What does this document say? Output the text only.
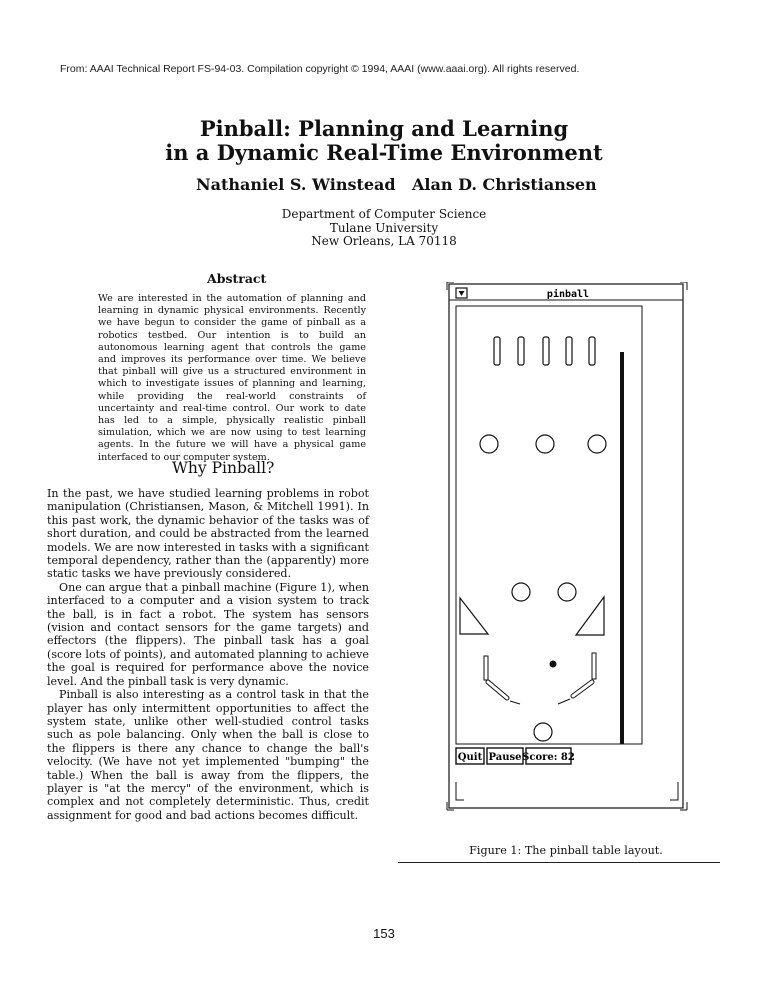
From: AAAI Technical Report FS-94-03. Compilation copyright © 1994, AAAI (www.aaai.org). All rights reserved.
Pinball: Planning and Learning
in a Dynamic Real-Time Environment
Nathaniel S. Winstead Alan D. Christiansen
Department of Computer Science
Tulane University
New Orleans, LA 70118
Abstract
We are interested in the automation of planning and learning in dynamic physical environments. Recently we have begun to consider the game of pinball as a robotics testbed. Our intention is to build an autonomous learning agent that controls the game and improves its performance over time. We believe that pinball will give us a structured environment in which to investigate issues of planning and learning, while providing the real-world constraints of uncertainty and real-time control. Our work to date has led to a simple, physically realistic pinball simulation, which we are now using to test learning agents. In the future we will have a physical game interfaced to our computer system.
Why Pinball?

In the past, we have studied learning problems in robot manipulation (Christiansen, Mason, & Mitchell 1991). In this past work, the dynamic behavior of the tasks was of short duration, and could be abstracted from the learned models. We are now interested in tasks with a significant temporal dependency, rather than the (apparently) more static tasks we have previously considered.

One can argue that a pinball machine (Figure 1), when interfaced to a computer and a vision system to track the ball, is in fact a robot. The system has sensors (vision and contact sensors for the game targets) and effectors (the flippers). The pinball task has a goal (score lots of points), and automated planning to achieve the goal is required for performance above the novice level. And the pinball task is very dynamic.

Pinball is also interesting as a control task in that the player has only intermittent opportunities to affect the system state, unlike other well-studied control tasks such as pole balancing. Only when the ball is close to the flippers is there any chance to change the ball's velocity. (We have not yet implemented "bumping" the table.) When the ball is away from the flippers, the player is "at the mercy" of the environment, which is complex and not completely deterministic. Thus, credit assignment for good and bad actions becomes difficult.

pinball
Quit Pause Score: 82
Figure 1: The pinball table layout.
153
